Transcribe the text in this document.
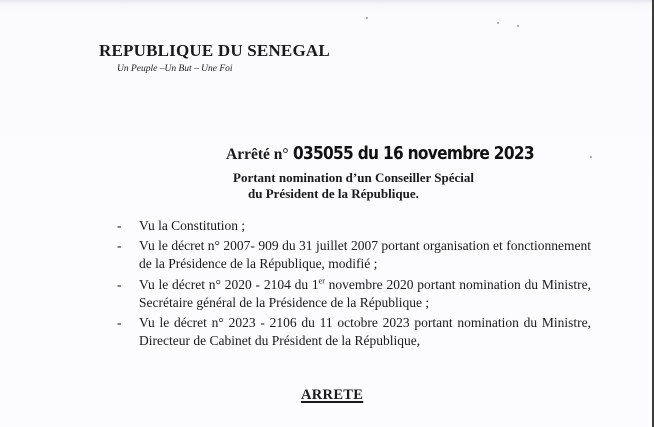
REPUBLIQUE DU SENEGAL
Un Peuple –Un But – Une Foi
Arrêté n° 035055 du 16 novembre 2023
Portant nomination d’un Conseiller Spécial
du Président de la République.
- Vu la Constitution ;
- Vu le décret n° 2007- 909 du 31 juillet 2007 portant organisation et fonctionnement de la Présidence de la République, modifié ;
- Vu le décret n° 2020 - 2104 du 1er novembre 2020 portant nomination du Ministre, Secrétaire général de la Présidence de la République ;
- Vu le décret n° 2023 - 2106 du 11 octobre 2023 portant nomination du Ministre, Directeur de Cabinet du Président de la République,
ARRETE
